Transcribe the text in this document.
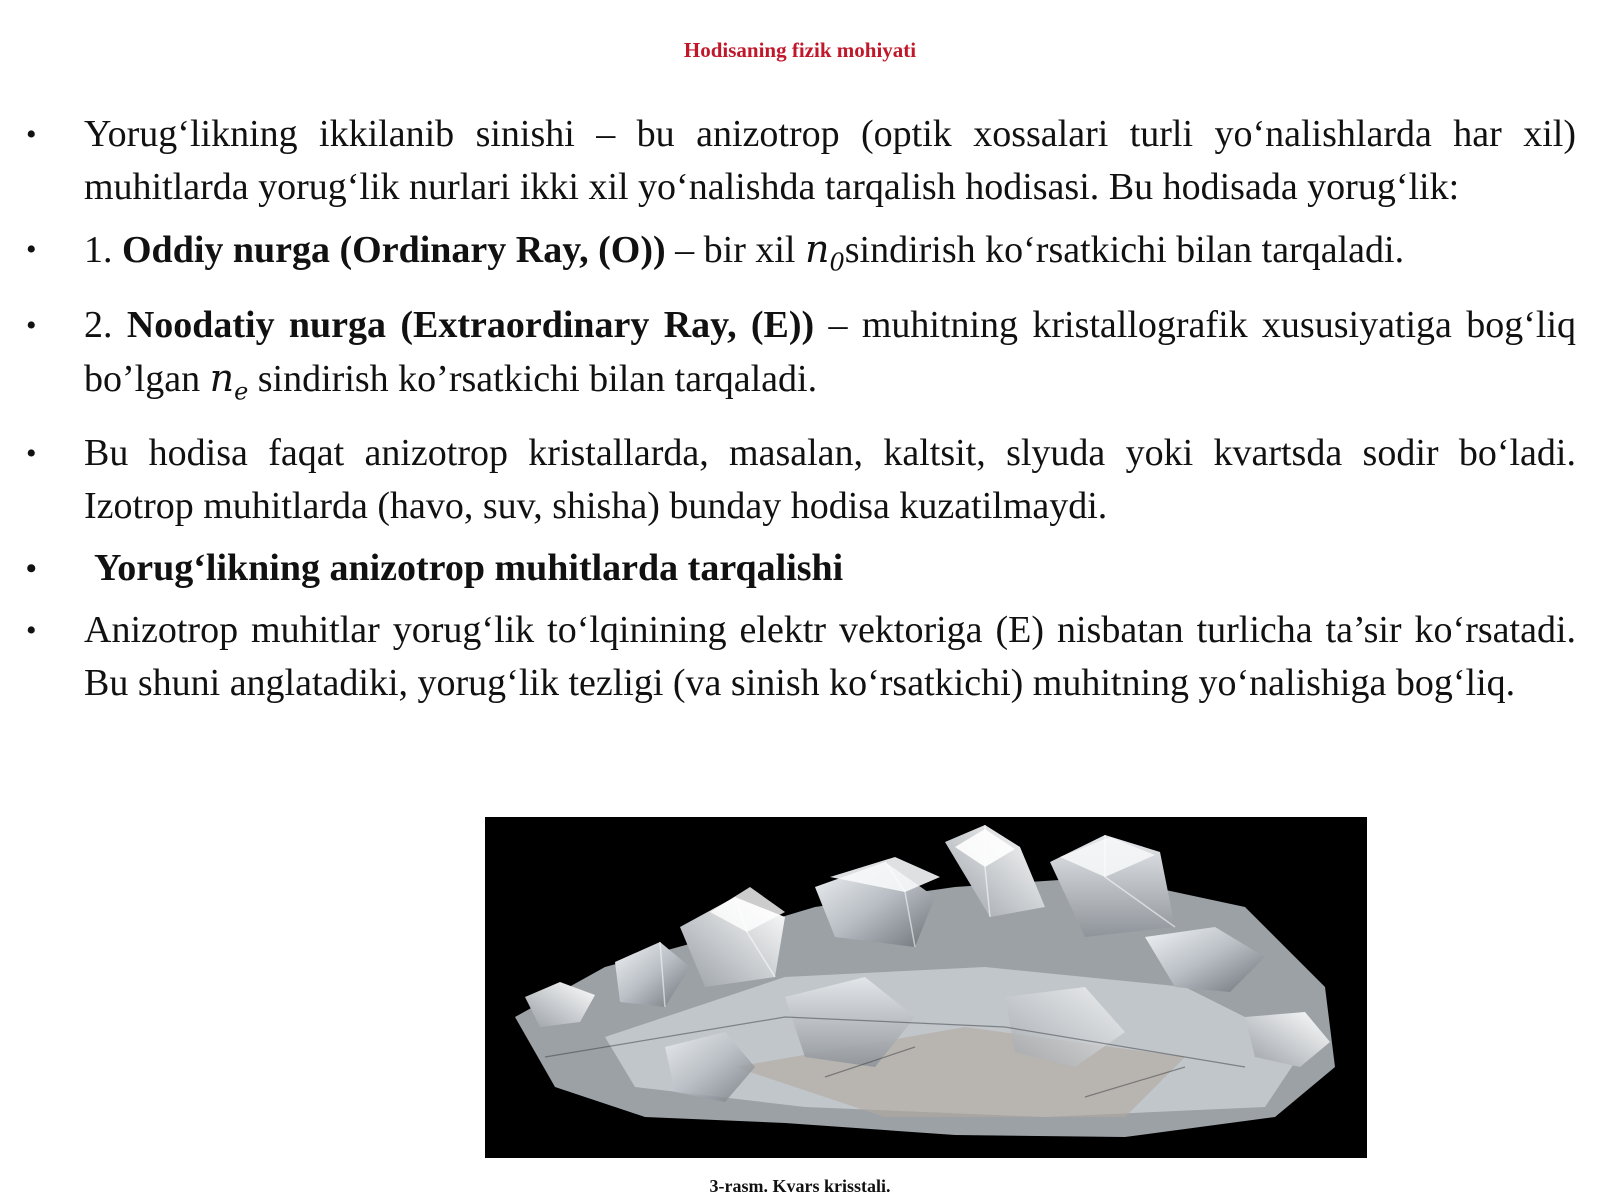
Hodisaning fizik mohiyati
• Yorug‘likning ikkilanib sinishi – bu anizotrop (optik xossalari turli yo‘nalishlarda har xil) muhitlarda yorug‘lik nurlari ikki xil yo‘nalishda tarqalish hodisasi. Bu hodisada yorug‘lik:
• 1. Oddiy nurga (Ordinary Ray, (O)) – bir xil $n_0sindirish$ ko‘rsatkichi bilan tarqaladi.
• 2. Noodatiy nurga (Extraordinary Ray, (E)) – muhitning kristallografik xususiyatiga bog‘liq bo’lgan $n_e$ sindirish ko’rsatkichi bilan tarqaladi.
• Bu hodisa faqat anizotrop kristallarda, masalan, kaltsit, slyuda yoki kvartsda sodir bo‘ladi. Izotrop muhitlarda (havo, suv, shisha) bunday hodisa kuzatilmaydi.
• Yorug‘likning anizotrop muhitlarda tarqalishi
• Anizotrop muhitlar yorug‘lik to‘lqinining elektr vektoriga (E) nisbatan turlicha ta’sir ko‘rsatadi. Bu shuni anglatadiki, yorug‘lik tezligi (va sinish ko‘rsatkichi) muhitning yo‘nalishiga bog‘liq.
3-rasm. Kvars krisstali.
